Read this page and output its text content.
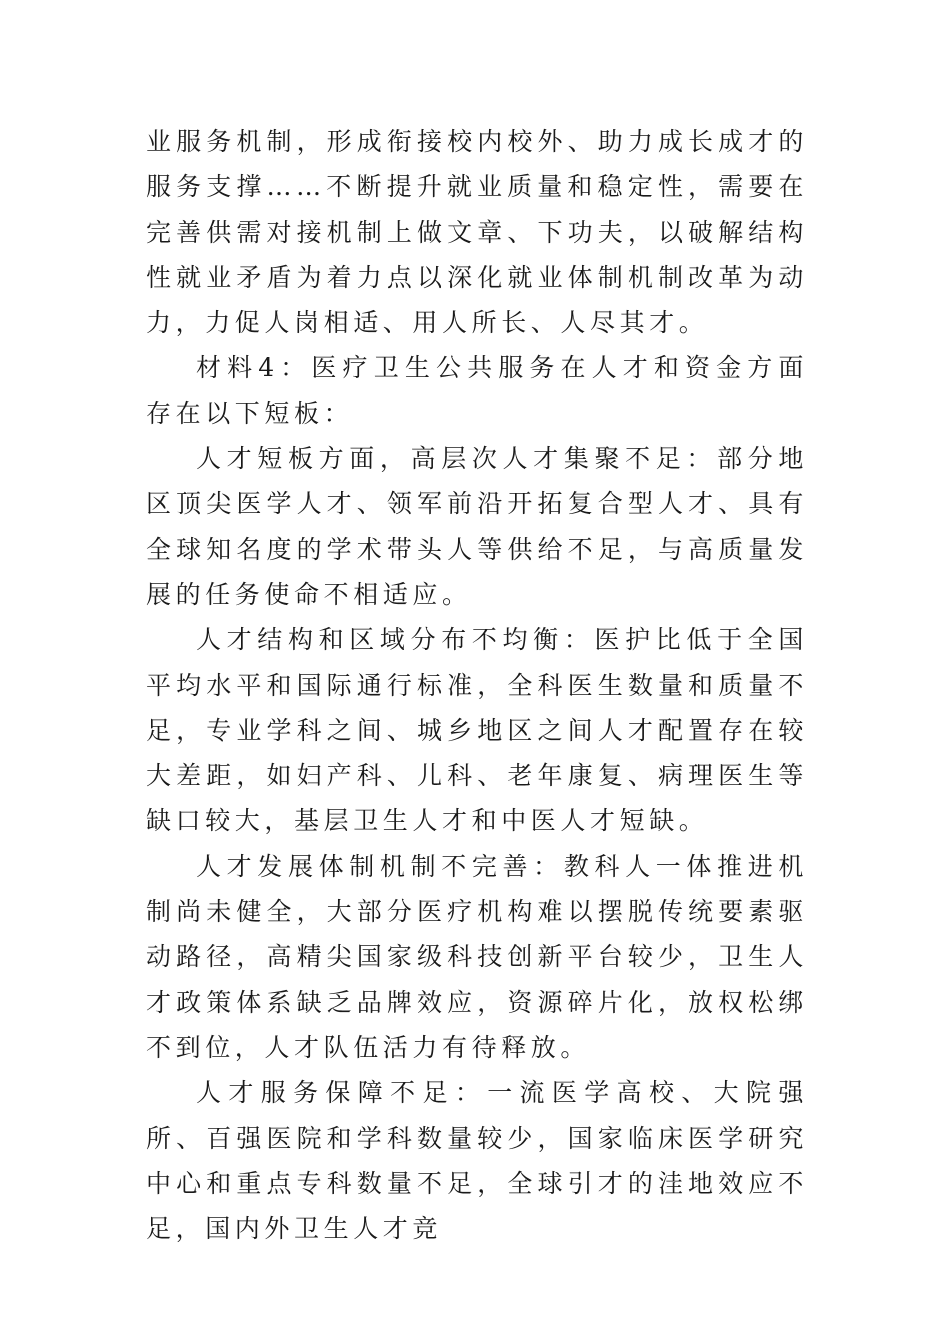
业服务机制，形成衔接校内校外、助力成长成才的服务支撑……不断提升就业质量和稳定性，需要在完善供需对接机制上做文章、下功夫，以破解结构性就业矛盾为着力点以深化就业体制机制改革为动力，力促人岗相适、用人所长、人尽其才。

材料4：医疗卫生公共服务在人才和资金方面存在以下短板：

人才短板方面，高层次人才集聚不足：部分地区顶尖医学人才、领军前沿开拓复合型人才、具有全球知名度的学术带头人等供给不足，与高质量发展的任务使命不相适应。

人才结构和区域分布不均衡：医护比低于全国平均水平和国际通行标准，全科医生数量和质量不足，专业学科之间、城乡地区之间人才配置存在较大差距，如妇产科、儿科、老年康复、病理医生等缺口较大，基层卫生人才和中医人才短缺。

人才发展体制机制不完善：教科人一体推进机制尚未健全，大部分医疗机构难以摆脱传统要素驱动路径，高精尖国家级科技创新平台较少，卫生人才政策体系缺乏品牌效应，资源碎片化，放权松绑不到位，人才队伍活力有待释放。

人才服务保障不足：一流医学高校、大院强所、百强医院和学科数量较少，国家临床医学研究中心和重点专科数量不足，全球引才的洼地效应不足，国内外卫生人才竞
